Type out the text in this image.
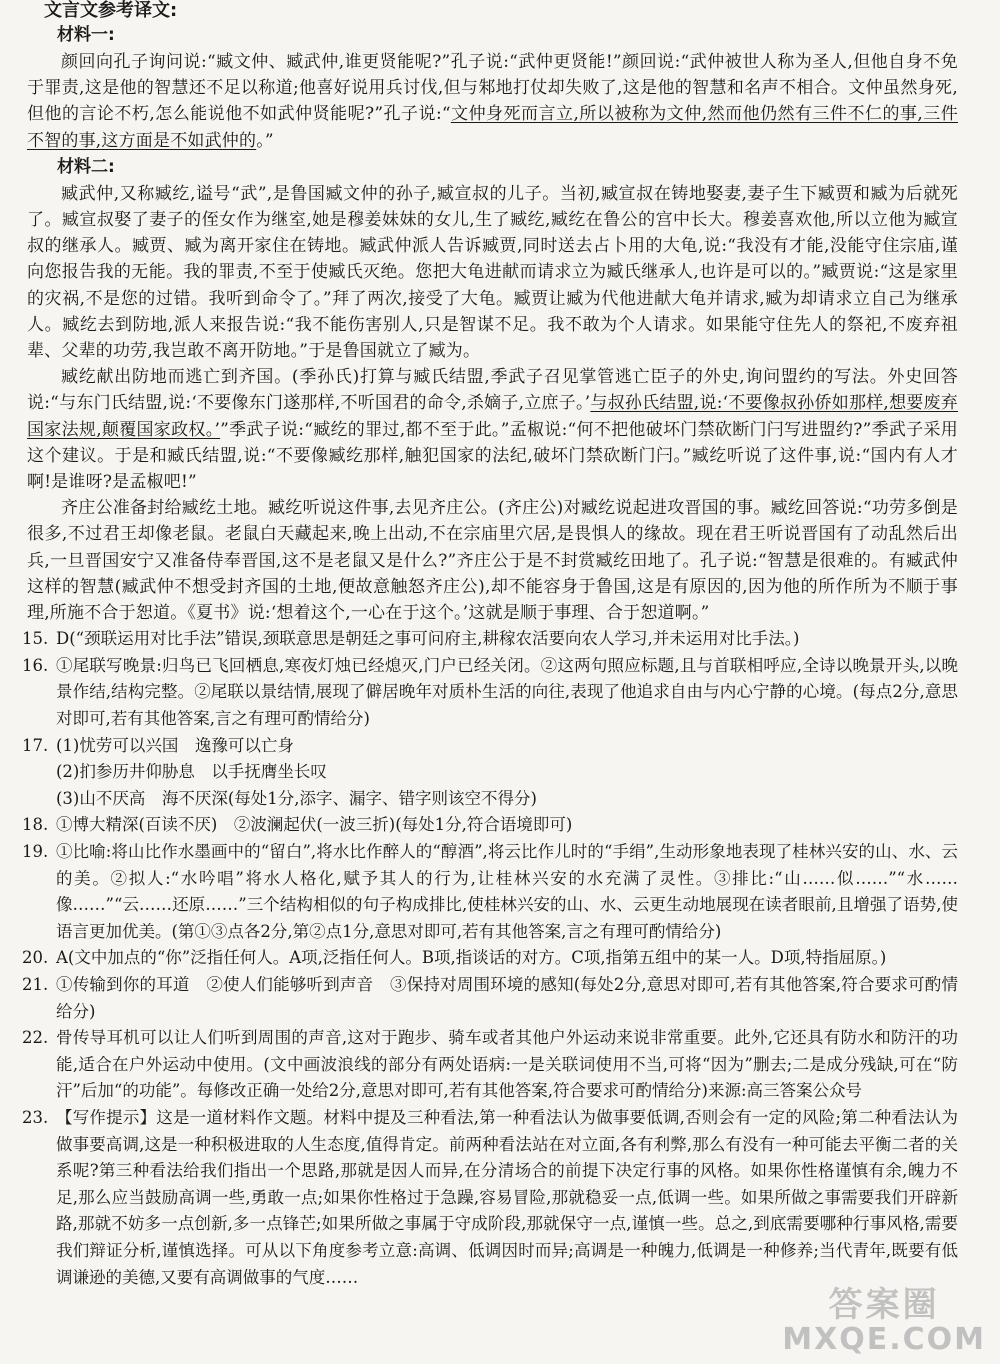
文言文参考译文:
材料一:

颜回向孔子询问说:“臧文仲、臧武仲,谁更贤能呢?”孔子说:“武仲更贤能!”颜回说:“武仲被世人称为圣人,但他自身不免于罪责,这是他的智慧还不足以称道;他喜好说用兵讨伐,但与邾地打仗却失败了,这是他的智慧和名声不相合。文仲虽然身死,但他的言论不朽,怎么能说他不如武仲贤能呢?”孔子说:“文仲身死而言立,所以被称为文仲,然而他仍然有三件不仁的事,三件不智的事,这方面是不如武仲的。”

材料二:

臧武仲,又称臧纥,谥号“武”,是鲁国臧文仲的孙子,臧宣叔的儿子。当初,臧宣叔在铸地娶妻,妻子生下臧贾和臧为后就死了。臧宣叔娶了妻子的侄女作为继室,她是穆姜妹妹的女儿,生了臧纥,臧纥在鲁公的宫中长大。穆姜喜欢他,所以立他为臧宣叔的继承人。臧贾、臧为离开家住在铸地。臧武仲派人告诉臧贾,同时送去占卜用的大龟,说:“我没有才能,没能守住宗庙,谨向您报告我的无能。我的罪责,不至于使臧氏灭绝。您把大龟进献而请求立为臧氏继承人,也许是可以的。”臧贾说:“这是家里的灾祸,不是您的过错。我听到命令了。”拜了两次,接受了大龟。臧贾让臧为代他进献大龟并请求,臧为却请求立自己为继承人。臧纥去到防地,派人来报告说:“我不能伤害别人,只是智谋不足。我不敢为个人请求。如果能守住先人的祭祀,不废弃祖辈、父辈的功劳,我岂敢不离开防地。”于是鲁国就立了臧为。

臧纥献出防地而逃亡到齐国。(季孙氏)打算与臧氏结盟,季武子召见掌管逃亡臣子的外史,询问盟约的写法。外史回答说:“与东门氏结盟,说:‘不要像东门遂那样,不听国君的命令,杀嫡子,立庶子。’与叔孙氏结盟,说:‘不要像叔孙侨如那样,想要废弃国家法规,颠覆国家政权。’”季武子说:“臧纥的罪过,都不至于此。”孟椒说:“何不把他破坏门禁砍断门闩写进盟约?”季武子采用这个建议。于是和臧氏结盟,说:“不要像臧纥那样,触犯国家的法纪,破坏门禁砍断门闩。”臧纥听说了这件事,说:“国内有人才啊!是谁呀?是孟椒吧!”

齐庄公准备封给臧纥土地。臧纥听说这件事,去见齐庄公。(齐庄公)对臧纥说起进攻晋国的事。臧纥回答说:“功劳多倒是很多,不过君王却像老鼠。老鼠白天藏起来,晚上出动,不在宗庙里穴居,是畏惧人的缘故。现在君王听说晋国有了动乱然后出兵,一旦晋国安宁又准备侍奉晋国,这不是老鼠又是什么?”齐庄公于是不封赏臧纥田地了。孔子说:“智慧是很难的。有臧武仲这样的智慧(臧武仲不想受封齐国的土地,便故意触怒齐庄公),却不能容身于鲁国,这是有原因的,因为他的所作所为不顺于事理,所施不合于恕道。《夏书》说:‘想着这个,一心在于这个。’这就是顺于事理、合于恕道啊。”

15. D(“颈联运用对比手法”错误,颈联意思是朝廷之事可问府主,耕稼农活要向农人学习,并未运用对比手法。)
16. ①尾联写晚景:归鸟已飞回栖息,寒夜灯烛已经熄灭,门户已经关闭。②这两句照应标题,且与首联相呼应,全诗以晚景开头,以晚景作结,结构完整。②尾联以景结情,展现了僻居晚年对质朴生活的向往,表现了他追求自由与内心宁静的心境。(每点2分,意思对即可,若有其他答案,言之有理可酌情给分)
17. (1)忧劳可以兴国　逸豫可以亡身
(2)扪参历井仰胁息　以手抚膺坐长叹
(3)山不厌高　海不厌深(每处1分,添字、漏字、错字则该空不得分)
18. ①博大精深(百读不厌)　②波澜起伏(一波三折)(每处1分,符合语境即可)
19. ①比喻:将山比作水墨画中的“留白”,将水比作醉人的“醇酒”,将云比作儿时的“手绢”,生动形象地表现了桂林兴安的山、水、云的美。②拟人:“水吟唱”将水人格化,赋予其人的行为,让桂林兴安的水充满了灵性。③排比:“山……似……”“水……像……”“云……还原……”三个结构相似的句子构成排比,使桂林兴安的山、水、云更生动地展现在读者眼前,且增强了语势,使语言更加优美。(第①③点各2分,第②点1分,意思对即可,若有其他答案,言之有理可酌情给分)
20. A(文中加点的“你”泛指任何人。A项,泛指任何人。B项,指谈话的对方。C项,指第五组中的某一人。D项,特指屈原。)
21. ①传输到你的耳道　②使人们能够听到声音　③保持对周围环境的感知(每处2分,意思对即可,若有其他答案,符合要求可酌情给分)
22. 骨传导耳机可以让人们听到周围的声音,这对于跑步、骑车或者其他户外运动来说非常重要。此外,它还具有防水和防汗的功能,适合在户外运动中使用。(文中画波浪线的部分有两处语病:一是关联词使用不当,可将“因为”删去;二是成分残缺,可在“防汗”后加“的功能”。每修改正确一处给2分,意思对即可,若有其他答案,符合要求可酌情给分)来源:高三答案公众号
23. 【写作提示】这是一道材料作文题。材料中提及三种看法,第一种看法认为做事要低调,否则会有一定的风险;第二种看法认为做事要高调,这是一种积极进取的人生态度,值得肯定。前两种看法站在对立面,各有利弊,那么有没有一种可能去平衡二者的关系呢?第三种看法给我们指出一个思路,那就是因人而异,在分清场合的前提下决定行事的风格。如果你性格谨慎有余,魄力不足,那么应当鼓励高调一些,勇敢一点;如果你性格过于急躁,容易冒险,那就稳妥一点,低调一些。如果所做之事需要我们开辟新路,那就不妨多一点创新,多一点锋芒;如果所做之事属于守成阶段,那就保守一点,谨慎一些。总之,到底需要哪种行事风格,需要我们辩证分析,谨慎选择。可从以下角度参考立意:高调、低调因时而异;高调是一种魄力,低调是一种修养;当代青年,既要有低调谦逊的美德,又要有高调做事的气度……
答案圈
MXQE.COM
